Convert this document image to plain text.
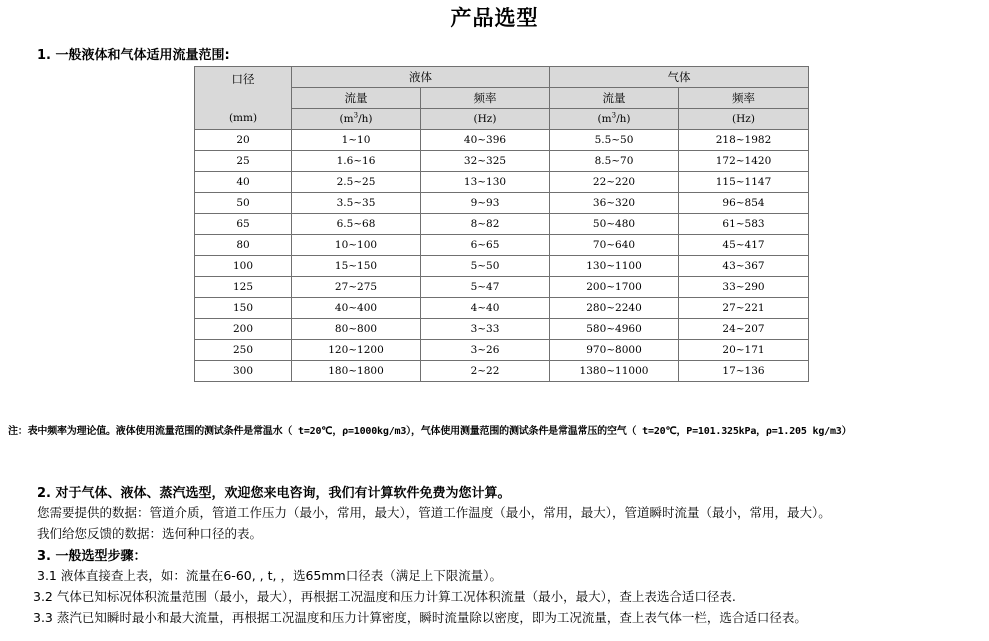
产品选型
1. 一般液体和气体适用流量范围:
口径
(mm)	液体		气体	
	流量	频率	流量	频率
	$(m^3/h)$	(Hz)	$(m^3/h)$	(Hz)
20	1~10	40~396	5.5~50	218~1982
25	1.6~16	32~325	8.5~70	172~1420
40	2.5~25	13~130	22~220	115~1147
50	3.5~35	9~93	36~320	96~854
65	6.5~68	8~82	50~480	61~583
80	10~100	6~65	70~640	45~417
100	15~150	5~50	130~1100	43~367
125	27~275	5~47	200~1700	33~290
150	40~400	4~40	280~2240	27~221
200	80~800	3~33	580~4960	24~207
250	120~1200	3~26	970~8000	20~171
300	180~1800	2~22	1380~11000	17~136
注：表中频率为理论值。液体使用流量范围的测试条件是常温水（ t=20℃，ρ=1000kg/m3），气体使用测量范围的测试条件是常温常压的空气（ t=20℃，P=101.325kPa，ρ=1.205 kg/m3）
2. 对于气体、液体、蒸汽选型，欢迎您来电咨询，我们有计算软件免费为您计算。
您需要提供的数据：管道介质，管道工作压力（最小，常用，最大），管道工作温度（最小，常用，最大），管道瞬时流量（最小，常用，最大）。
我们给您反馈的数据：选何种口径的表。
3. 一般选型步骤：
3.1 液体直接查上表，如：流量在6-60, , t, ，选65mm口径表（满足上下限流量）。
3.2 气体已知标况体积流量范围（最小，最大），再根据工况温度和压力计算工况体积流量（最小，最大），查上表选合适口径表.
3.3 蒸汽已知瞬时最小和最大流量，再根据工况温度和压力计算密度，瞬时流量除以密度，即为工况流量，查上表气体一栏，选合适口径表。
